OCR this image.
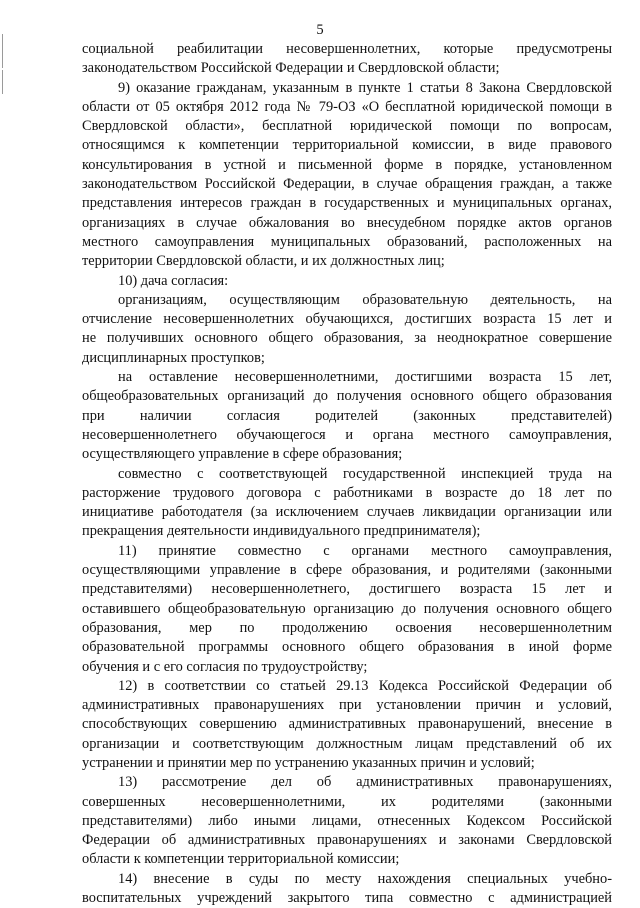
5

социальной реабилитации несовершеннолетних, которые предусмотрены

законодательством Российской Федерации и Свердловской области;

9) оказание гражданам, указанным в пункте 1 статьи 8 Закона Свердловской

области от 05 октября 2012 года № 79-ОЗ «О бесплатной юридической помощи в

Свердловской области», бесплатной юридической помощи по вопросам,

относящимся к компетенции территориальной комиссии, в виде правового

консультирования в устной и письменной форме в порядке, установленном

законодательством Российской Федерации, в случае обращения граждан, а также

представления интересов граждан в государственных и муниципальных органах,

организациях в случае обжалования во внесудебном порядке актов органов

местного самоуправления муниципальных образований, расположенных на

территории Свердловской области, и их должностных лиц;

10) дача согласия:

организациям, осуществляющим образовательную деятельность, на

отчисление несовершеннолетних обучающихся, достигших возраста 15 лет и

не получивших основного общего образования, за неоднократное совершение

дисциплинарных проступков;

на оставление несовершеннолетними, достигшими возраста 15 лет,

общеобразовательных организаций до получения основного общего образования

при наличии согласия родителей (законных представителей)

несовершеннолетнего обучающегося и органа местного самоуправления,

осуществляющего управление в сфере образования;

совместно с соответствующей государственной инспекцией труда на

расторжение трудового договора с работниками в возрасте до 18 лет по

инициативе работодателя (за исключением случаев ликвидации организации или

прекращения деятельности индивидуального предпринимателя);

11) принятие совместно с органами местного самоуправления,

осуществляющими управление в сфере образования, и родителями (законными

представителями) несовершеннолетнего, достигшего возраста 15 лет и

оставившего общеобразовательную организацию до получения основного общего

образования, мер по продолжению освоения несовершеннолетним

образовательной программы основного общего образования в иной форме

обучения и с его согласия по трудоустройству;

12) в соответствии со статьей 29.13 Кодекса Российской Федерации об

административных правонарушениях при установлении причин и условий,

способствующих совершению административных правонарушений, внесение в

организации и соответствующим должностным лицам представлений об их

устранении и принятии мер по устранению указанных причин и условий;

13) рассмотрение дел об административных правонарушениях,

совершенных несовершеннолетними, их родителями (законными

представителями) либо иными лицами, отнесенных Кодексом Российской

Федерации об административных правонарушениях и законами Свердловской

области к компетенции территориальной комиссии;

14) внесение в суды по месту нахождения специальных учебно-

воспитательных учреждений закрытого типа совместно с администрацией
